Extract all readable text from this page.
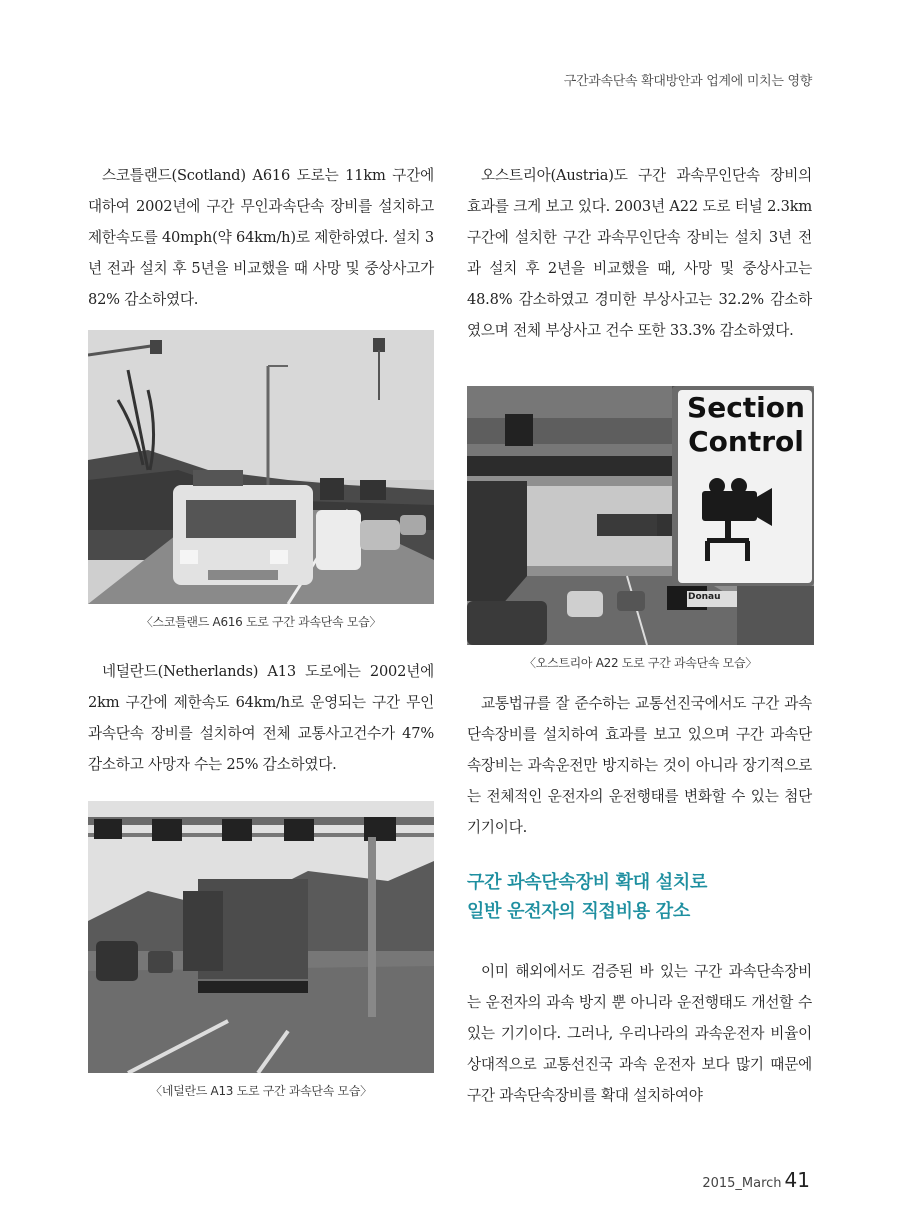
구간과속단속 확대방안과 업계에 미치는 영향

스코틀랜드(Scotland) A616 도로는 11km 구간에 대하여 2002년에 구간 무인과속단속 장비를 설치하고 제한속도를 40mph(약 64km/h)로 제한하였다. 설치 3년 전과 설치 후 5년을 비교했을 때 사망 및 중상사고가 82% 감소하였다.

〈스코틀랜드 A616 도로 구간 과속단속 모습〉

네덜란드(Netherlands) A13 도로에는 2002년에 2km 구간에 제한속도 64km/h로 운영되는 구간 무인과속단속 장비를 설치하여 전체 교통사고건수가 47% 감소하고 사망자 수는 25% 감소하였다.

〈네덜란드 A13 도로 구간 과속단속 모습〉

오스트리아(Austria)도 구간 과속무인단속 장비의 효과를 크게 보고 있다. 2003년 A22 도로 터널 2.3km 구간에 설치한 구간 과속무인단속 장비는 설치 3년 전과 설치 후 2년을 비교했을 때, 사망 및 중상사고는 48.8% 감소하였고 경미한 부상사고는 32.2% 감소하였으며 전체 부상사고 건수 또한 33.3% 감소하였다.

Section
Control
Donau
〈오스트리아 A22 도로 구간 과속단속 모습〉

교통법규를 잘 준수하는 교통선진국에서도 구간 과속단속장비를 설치하여 효과를 보고 있으며 구간 과속단속장비는 과속운전만 방지하는 것이 아니라 장기적으로는 전체적인 운전자의 운전행태를 변화할 수 있는 첨단 기기이다.

구간 과속단속장비 확대 설치로
일반 운전자의 직접비용 감소

이미 해외에서도 검증된 바 있는 구간 과속단속장비는 운전자의 과속 방지 뿐 아니라 운전행태도 개선할 수 있는 기기이다. 그러나, 우리나라의 과속운전자 비율이 상대적으로 교통선진국 과속 운전자 보다 많기 때문에 구간 과속단속장비를 확대 설치하여야

2015_March 41
